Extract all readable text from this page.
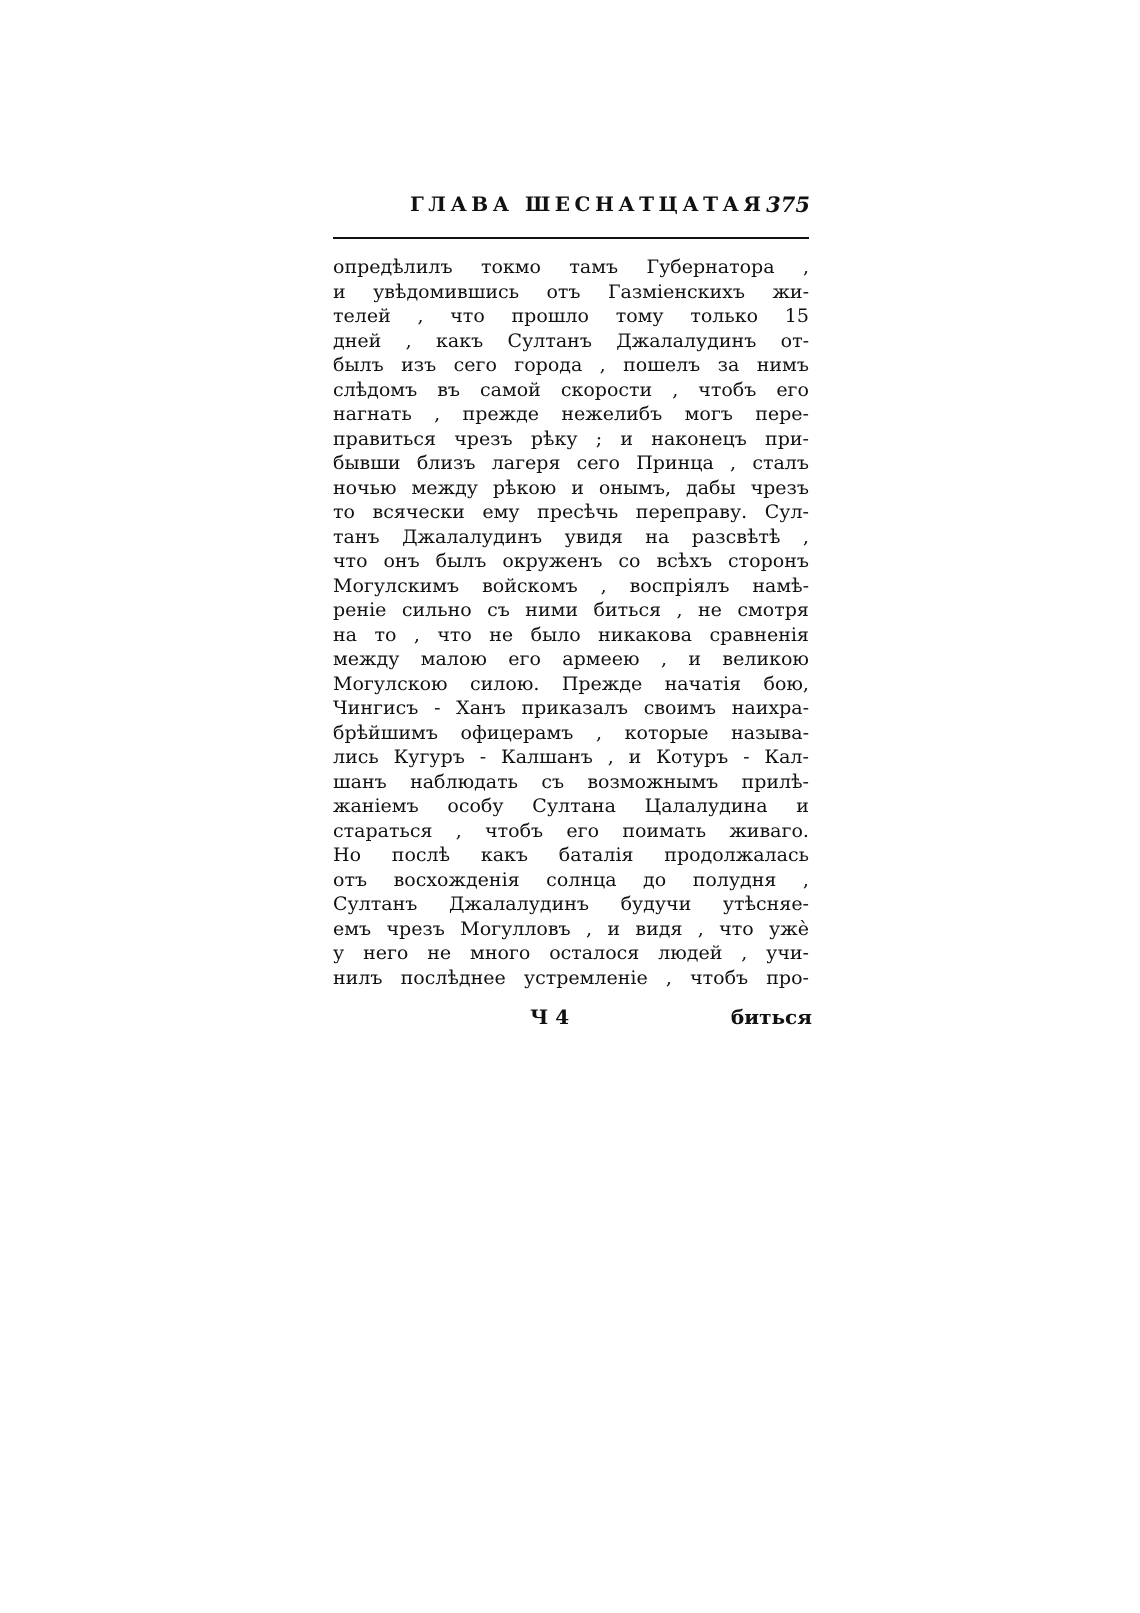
ГЛАВА ШЕСНАТЦАТАЯ 375
опредѣлилъ токмо тамъ Губернатора ,
и увѣдомившись отъ Газмiенскихъ жи-
телей , что прошло тому только 15
дней , какъ Султанъ Джалалудинъ от-
былъ изъ сего города , пошелъ за нимъ
слѣдомъ въ самой скорости , чтобъ его
нагнать , прежде нежелибъ могъ пере-
правиться чрезъ рѣку ; и наконецъ при-
бывши близъ лагеря сего Принца , сталъ
ночью между рѣкою и онымъ, дабы чрезъ
то всячески ему пресѣчь переправу. Сул-
танъ Джалалудинъ увидя на разсвѣтѣ ,
что онъ былъ окруженъ со всѣхъ сторонъ
Могулскимъ войскомъ , воспрiялъ намѣ-
ренiе сильно съ ними биться , не смотря
на то , что не было никакова сравненiя
между малою его армеею , и великою
Могулскою силою. Прежде начатiя бою,
Чингисъ - Ханъ приказалъ своимъ наихра-
брѣйшимъ офицерамъ , которые называ-
лись Кугуръ - Калшанъ , и Котуръ - Кал-
шанъ наблюдать съ возможнымъ прилѣ-
жанiемъ особу Султана Цалалудина и
стараться , чтобъ его поимать живаго.
Но послѣ какъ баталiя продолжалась
отъ восхожденiя солнца до полудня ,
Султанъ Джалалудинъ будучи утѣсняе-
емъ чрезъ Могулловъ , и видя , что ужѐ
у него не много осталося людей , учи-
нилъ послѣднее устремленiе , чтобъ про-
Ч 4	биться
